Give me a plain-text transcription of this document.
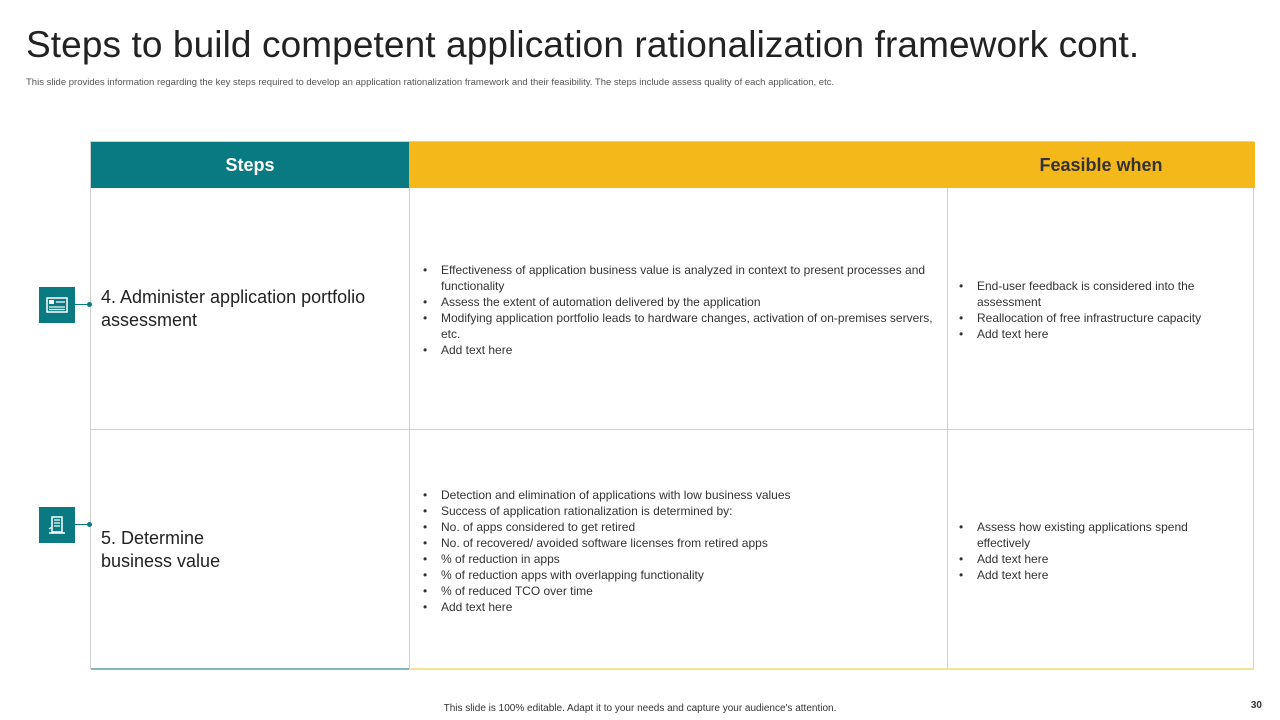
Steps to build competent application rationalization framework cont.
This slide provides information regarding the key steps required to develop an application rationalization framework and their feasibility. The steps include assess quality of each application, etc.
Steps	Feasible when
4. Administer application portfolio assessment
• Effectiveness of application business value is analyzed in context to present processes and functionality
• Assess the extent of automation delivered by the application
• Modifying application portfolio leads to hardware changes, activation of on-premises servers, etc.
• Add text here
• End-user feedback is considered into the assessment
• Reallocation of free infrastructure capacity
• Add text here
5. Determine business value
• Detection and elimination of applications with low business values
• Success of application rationalization is determined by:
• No. of apps considered to get retired
• No. of recovered/ avoided software licenses from retired apps
• % of reduction in apps
• % of reduction apps with overlapping functionality
• % of reduced TCO over time
• Add text here
• Assess how existing applications spend effectively
• Add text here
• Add text here
This slide is 100% editable. Adapt it to your needs and capture your audience's attention.	30
